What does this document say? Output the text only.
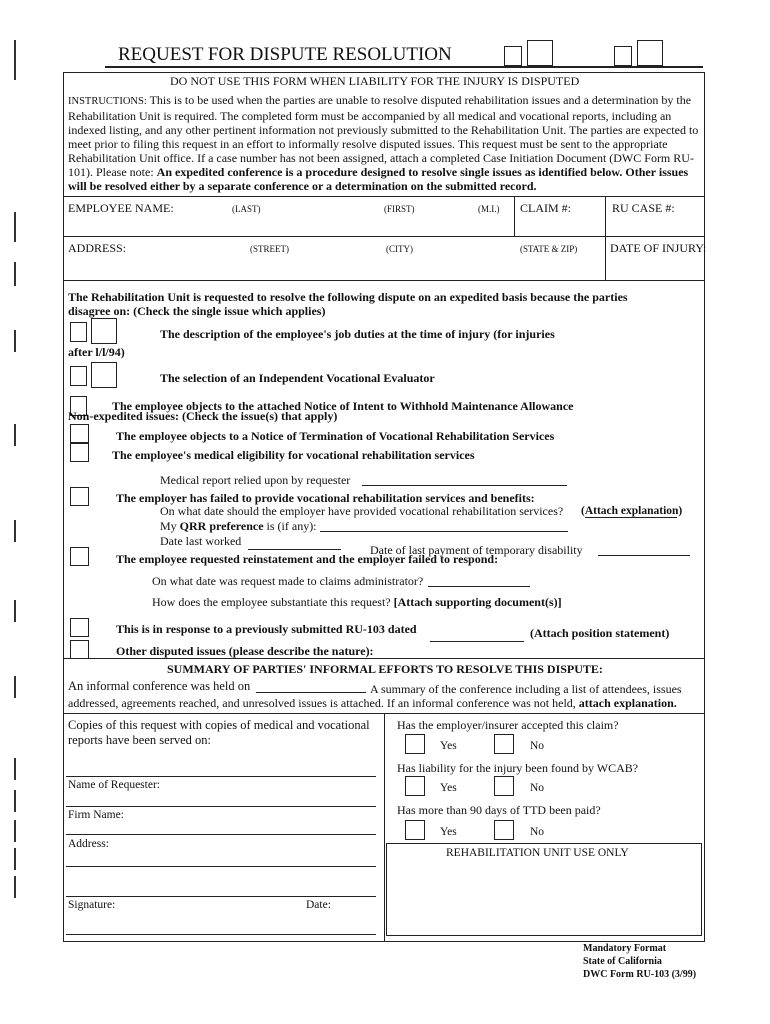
REQUEST FOR DISPUTE RESOLUTION
DO NOT USE THIS FORM WHEN LIABILITY FOR THE INJURY IS DISPUTED
INSTRUCTIONS: This is to be used when the parties are unable to resolve disputed rehabilitation issues and a determination by the Rehabilitation Unit is required. The completed form must be accompanied by all medical and vocational reports, including an indexed listing, and any other pertinent information not previously submitted to the Rehabilitation Unit. The parties are expected to meet prior to filing this request in an effort to informally resolve disputed issues. This request must be sent to the appropriate Rehabilitation Unit office. If a case number has not been assigned, attach a completed Case Initiation Document (DWC Form RU-101). Please note: An expedited conference is a procedure designed to resolve single issues as identified below. Other issues will be resolved either by a separate conference or a determination on the submitted record.
EMPLOYEE NAME:	(LAST)	(FIRST)	(M.I.) CLAIM #:	RU CASE #:
ADDRESS:	(STREET)	(CITY)	(STATE & ZIP)	DATE OF INJURY:
The Rehabilitation Unit is requested to resolve the following dispute on an expedited basis because the parties disagree on: (Check the single issue which applies)
The description of the employee's job duties at the time of injury (for injuries
after l/l/94)
The selection of an Independent Vocational Evaluator
The employee objects to the attached Notice of Intent to Withhold Maintenance Allowance
Non-expedited issues: (Check the issue(s) that apply)
The employee objects to a Notice of Termination of Vocational Rehabilitation Services
The employee's medical eligibility for vocational rehabilitation services
Medical report relied upon by requester
The employer has failed to provide vocational rehabilitation services and benefits:
On what date should the employer have provided vocational rehabilitation services? (Attach explanation)
My QRR preference is (if any):
Date last worked
Date of last payment of temporary disability
The employee requested reinstatement and the employer failed to respond:
On what date was request made to claims administrator?
How does the employee substantiate this request? [Attach supporting document(s)]
This is in response to a previously submitted RU-103 dated	(Attach position statement)
Other disputed issues (please describe the nature):
SUMMARY OF PARTIES' INFORMAL EFFORTS TO RESOLVE THIS DISPUTE:
An informal conference was held on	A summary of the conference including a list of attendees, issues
addressed, agreements reached, and unresolved issues is attached. If an informal conference was not held, attach explanation.
Copies of this request with copies of medical and vocational reports have been served on:
Name of Requester:
Firm Name:
Address:
Signature:	Date:
Has the employer/insurer accepted this claim?
Yes	No
Has liability for the injury been found by WCAB?
Yes	No
Has more than 90 days of TTD been paid?
Yes	No
REHABILITATION UNIT USE ONLY
Mandatory Format
State of California
DWC Form RU-103 (3/99)
